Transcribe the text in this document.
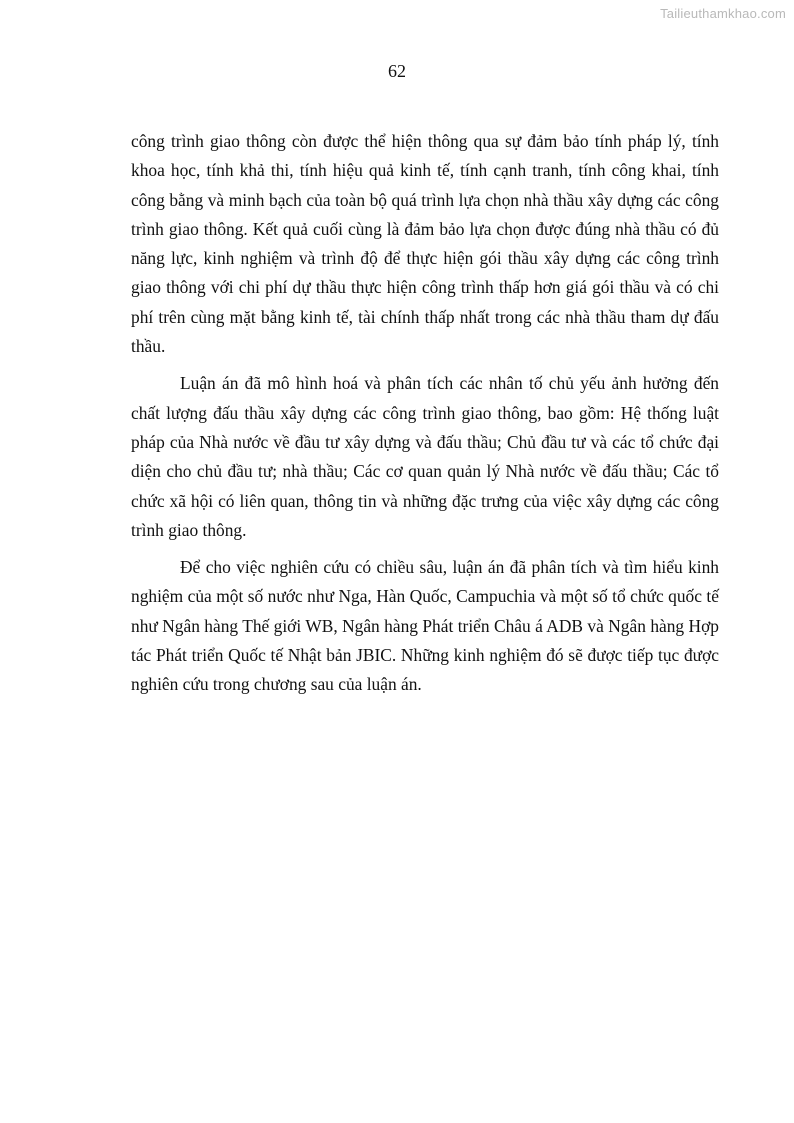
Tailieuthamkhao.com
62

công trình giao thông còn được thể hiện thông qua sự đảm bảo tính pháp lý, tính khoa học, tính khả thi, tính hiệu quả kinh tế, tính cạnh tranh, tính công khai, tính công bằng và minh bạch của toàn bộ quá trình lựa chọn nhà thầu xây dựng các công trình giao thông. Kết quả cuối cùng là đảm bảo lựa chọn được đúng nhà thầu có đủ năng lực, kinh nghiệm và trình độ để thực hiện gói thầu xây dựng các công trình giao thông với chi phí dự thầu thực hiện công trình thấp hơn giá gói thầu và có chi phí trên cùng mặt bằng kinh tế, tài chính thấp nhất trong các nhà thầu tham dự đấu thầu.

Luận án đã mô hình hoá và phân tích các nhân tố chủ yếu ảnh hưởng đến chất lượng đấu thầu xây dựng các công trình giao thông, bao gồm: Hệ thống luật pháp của Nhà nước về đầu tư xây dựng và đấu thầu; Chủ đầu tư và các tổ chức đại diện cho chủ đầu tư; nhà thầu; Các cơ quan quản lý Nhà nước về đấu thầu; Các tổ chức xã hội có liên quan, thông tin và những đặc trưng của việc xây dựng các công trình giao thông.

Để cho việc nghiên cứu có chiều sâu, luận án đã phân tích và tìm hiểu kinh nghiệm của một số nước như Nga, Hàn Quốc, Campuchia và một số tổ chức quốc tế như Ngân hàng Thế giới WB, Ngân hàng Phát triển Châu á ADB và Ngân hàng Hợp tác Phát triển Quốc tế Nhật bản JBIC. Những kinh nghiệm đó sẽ được tiếp tục được nghiên cứu trong chương sau của luận án.
